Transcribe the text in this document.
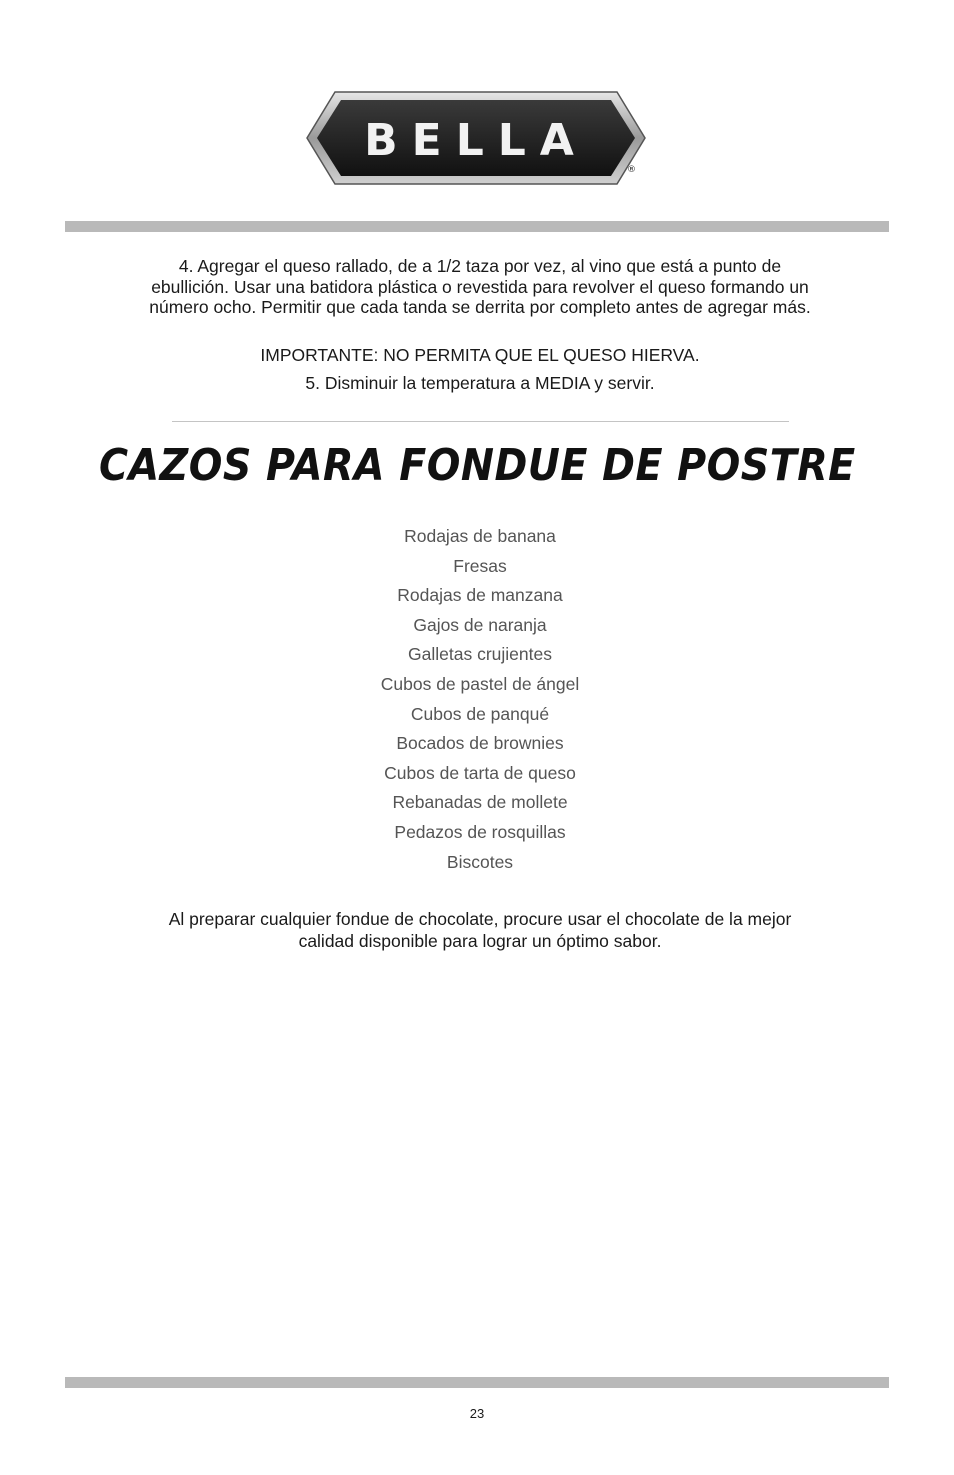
BELLA
®

4. Agregar el queso rallado, de a 1/2 taza por vez, al vino que está a punto de ebullición. Usar una batidora plástica o revestida para revolver el queso formando un número ocho. Permitir que cada tanda se derrita por completo antes de agregar más.

IMPORTANTE: NO PERMITA QUE EL QUESO HIERVA.

5. Disminuir la temperatura a MEDIA y servir.

CAZOS PARA FONDUE DE POSTRE
Rodajas de banana
Fresas
Rodajas de manzana
Gajos de naranja
Galletas crujientes
Cubos de pastel de ángel
Cubos de panqué
Bocados de brownies
Cubos de tarta de queso
Rebanadas de mollete
Pedazos de rosquillas
Biscotes

Al preparar cualquier fondue de chocolate, procure usar el chocolate de la mejor calidad disponible para lograr un óptimo sabor.

23
